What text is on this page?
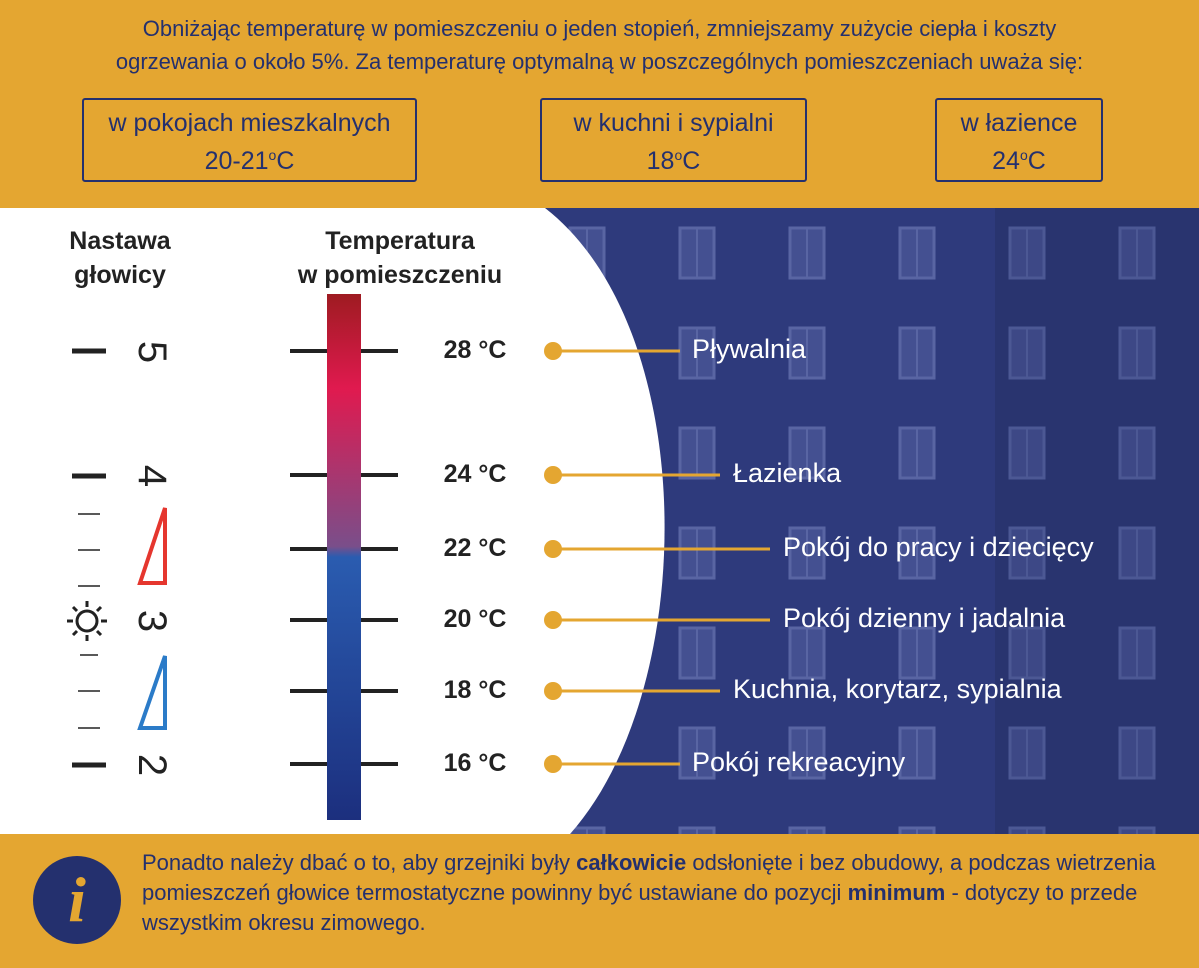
Obniżając temperaturę w pomieszczeniu o jeden stopień, zmniejszamy zużycie ciepła i koszty
ogrzewania o około 5%. Za temperaturę optymalną w poszczególnych pomieszczeniach uważa się:
w pokojach mieszkalnych
20-21$^o$C
w kuchni i sypialni
18$^o$C
w łazience
24$^o$C
Nastawa
głowicy
Temperatura
w pomieszczeniu
5
4
3
2
28 °C
24 °C
22 °C
20 °C
18 °C
16 °C
Pływalnia
Łazienka
Pokój do pracy i dziecięcy
Pokój dzienny i jadalnia
Kuchnia, korytarz, sypialnia
Pokój rekreacyjny
i
Ponadto należy dbać o to, aby grzejniki były całkowicie odsłonięte i bez obudowy, a podczas wietrzenia pomieszczeń głowice termostatyczne powinny być ustawiane do pozycji minimum - dotyczy to przede wszystkim okresu zimowego.
